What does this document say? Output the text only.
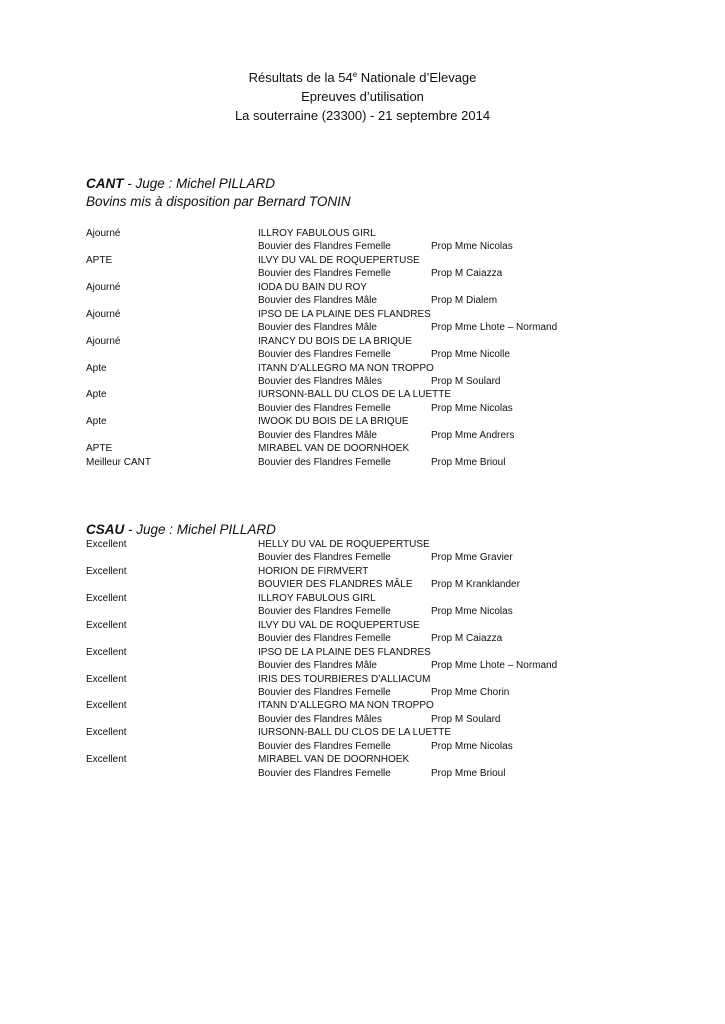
Résultats de la 54e Nationale d’Elevage
Epreuves d’utilisation
La souterraine (23300) - 21 septembre 2014
CANT - Juge : Michel PILLARD
Bovins mis à disposition par Bernard TONIN
Ajourné	ILLROY FABULOUS GIRL
Bouvier des Flandres Femelle	Prop Mme Nicolas
APTE	ILVY DU VAL DE ROQUEPERTUSE
Bouvier des Flandres Femelle	Prop M Caiazza
Ajourné	IODA DU BAIN DU ROY
Bouvier des Flandres Mâle	Prop M Dialem
Ajourné	IPSO DE LA PLAINE DES FLANDRES
Bouvier des Flandres Mâle	Prop Mme Lhote – Normand
Ajourné	IRANCY DU BOIS DE LA BRIQUE
Bouvier des Flandres Femelle	Prop Mme Nicolle
Apte	ITANN D’ALLEGRO MA NON TROPPO
Bouvier des Flandres Mâles	Prop M Soulard
Apte	IURSONN-BALL DU CLOS DE LA LUETTE
Bouvier des Flandres Femelle	Prop Mme Nicolas
Apte	IWOOK DU BOIS DE LA BRIQUE
Bouvier des Flandres Mâle	Prop Mme Andrers
APTE	MIRABEL VAN DE DOORNHOEK
Meilleur CANT	Bouvier des Flandres Femelle	Prop Mme Brioul
CSAU - Juge : Michel PILLARD
Excellent	HELLY DU VAL DE ROQUEPERTUSE
Bouvier des Flandres Femelle	Prop Mme Gravier
Excellent	HORION DE FIRMVERT
BOUVIER DES FLANDRES MÂLE Prop M Kranklander
Excellent	ILLROY FABULOUS GIRL
Bouvier des Flandres Femelle	Prop Mme Nicolas
Excellent	ILVY DU VAL DE ROQUEPERTUSE
Bouvier des Flandres Femelle	Prop M Caiazza
Excellent	IPSO DE LA PLAINE DES FLANDRES
Bouvier des Flandres Mâle	Prop Mme Lhote – Normand
Excellent	IRIS DES TOURBIERES D’ALLIACUM
Bouvier des Flandres Femelle	Prop Mme Chorin
Excellent	ITANN D’ALLEGRO MA NON TROPPO
Bouvier des Flandres Mâles	Prop M Soulard
Excellent	IURSONN-BALL DU CLOS DE LA LUETTE
Bouvier des Flandres Femelle	Prop Mme Nicolas
Excellent	MIRABEL VAN DE DOORNHOEK
Bouvier des Flandres Femelle	Prop Mme Brioul
